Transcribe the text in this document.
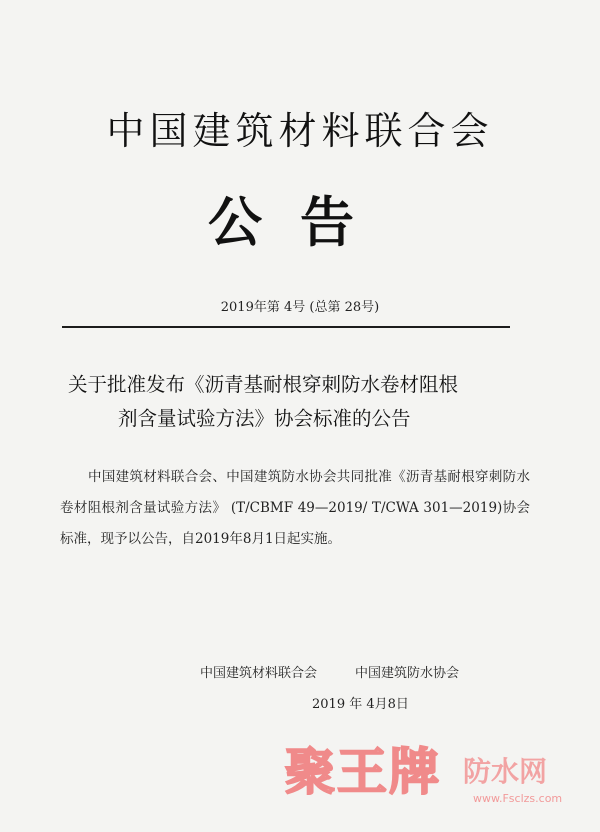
中国建筑材料联合会
公告
2019年第 4号 (总第 28号)
关于批准发布《沥青基耐根穿刺防水卷材阻根
剂含量试验方法》协会标准的公告
中国建筑材料联合会、中国建筑防水协会共同批准《沥青基耐根穿刺防水卷材阻根剂含量试验方法》 (T/CBMF 49—2019/ T/CWA 301—2019)协会标准，现予以公告，自2019年8月1日起实施。
中国建筑材料联合会	中国建筑防水协会
2019 年 4月8日
聚王牌 防水网
www.Fsclzs.com
